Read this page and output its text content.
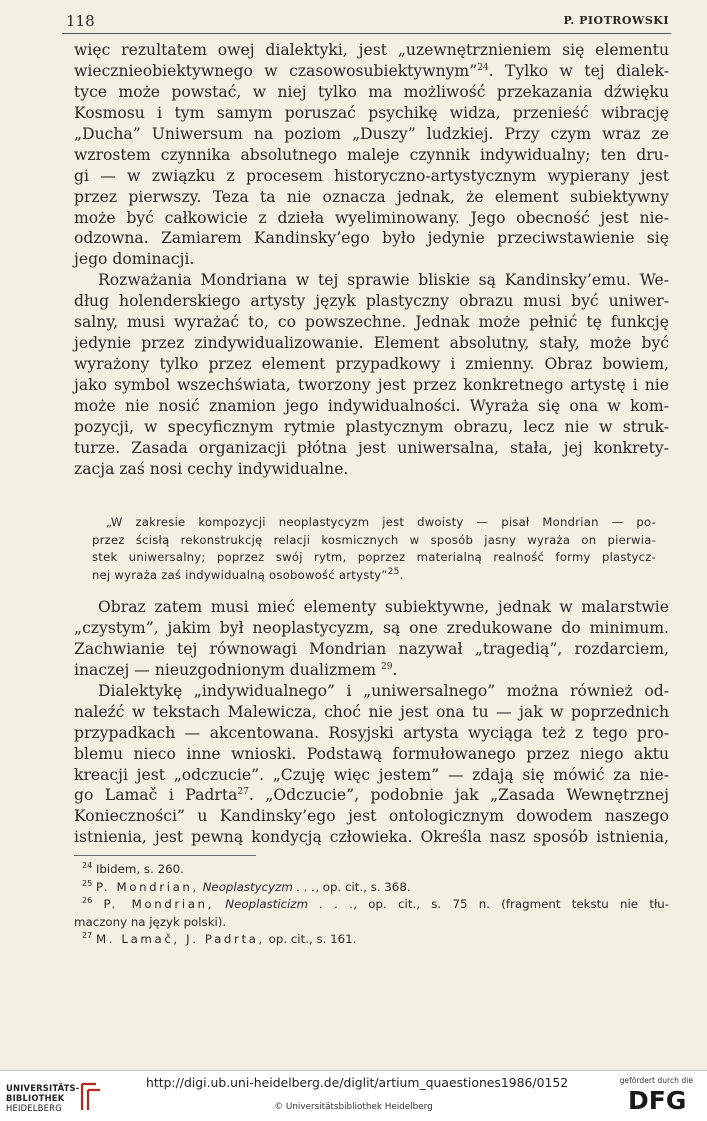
118	P. PIOTROWSKI
więc rezultatem owej dialektyki, jest „uzewnętrznieniem się elementu
wiecznieobiektywnego w czasowosubiektywnym”$^{24}$. Tylko w tej dialek-
tyce może powstać, w niej tylko ma możliwość przekazania dźwięku
Kosmosu i tym samym poruszać psychikę widza, przenieść wibrację
„Ducha” Uniwersum na poziom „Duszy” ludzkiej. Przy czym wraz ze
wzrostem czynnika absolutnego maleje czynnik indywidualny; ten dru-
gi — w związku z procesem historyczno-artystycznym wypierany jest
przez pierwszy. Teza ta nie oznacza jednak, że element subiektywny
może być całkowicie z dzieła wyeliminowany. Jego obecność jest nie-
odzowna. Zamiarem Kandinsky’ego było jedynie przeciwstawienie się
jego dominacji.
Rozważania Mondriana w tej sprawie bliskie są Kandinsky’emu. We-
dług holenderskiego artysty język plastyczny obrazu musi być uniwer-
salny, musi wyrażać to, co powszechne. Jednak może pełnić tę funkcję
jedynie przez zindywidualizowanie. Element absolutny, stały, może być
wyrażony tylko przez element przypadkowy i zmienny. Obraz bowiem,
jako symbol wszechświata, tworzony jest przez konkretnego artystę i nie
może nie nosić znamion jego indywidualności. Wyraża się ona w kom-
pozycji, w specyficznym rytmie plastycznym obrazu, lecz nie w struk-
turze. Zasada organizacji płótna jest uniwersalna, stała, jej konkrety-
zacja zaś nosi cechy indywidualne.
„W zakresie kompozycji neoplastycyzm jest dwoisty — pisał Mondrian — po-
przez ścisłą rekonstrukcję relacji kosmicznych w sposób jasny wyraża on pierwia-
stek uniwersalny; poprzez swój rytm, poprzez materialną realność formy plastycz-
nej wyraża zaś indywidualną osobowość artysty”$^{25}$.
Obraz zatem musi mieć elementy subiektywne, jednak w malarstwie
„czystym”, jakim był neoplastycyzm, są one zredukowane do minimum.
Zachwianie tej równowagi Mondrian nazywał „tragedią”, rozdarciem,
inaczej — nieuzgodnionym dualizmem $^{29}$.
Dialektykę „indywidualnego” i „uniwersalnego” można również od-
naleźć w tekstach Malewicza, choć nie jest ona tu — jak w poprzednich
przypadkach — akcentowana. Rosyjski artysta wyciąga też z tego pro-
blemu nieco inne wnioski. Podstawą formułowanego przez niego aktu
kreacji jest „odczucie”. „Czuję więc jestem” — zdają się mówić za nie-
go Lamač i Padrta$^{27}$. „Odczucie”, podobnie jak „Zasada Wewnętrznej
Konieczności” u Kandinsky’ego jest ontologicznym dowodem naszego
istnienia, jest pewną kondycją człowieka. Określa nasz sposób istnienia,
$^{24}$ Ibidem, s. 260.
$^{25}$ P. Mondrian, Neoplastycyzm . . ., op. cit., s. 368.
$^{26}$ P. Mondrian, Neoplasticizm . . ., op. cit., s. 75 n. (fragment tekstu nie tłu-
maczony na język polski).
$^{27}$ M. Lamač, J. Padrta, op. cit., s. 161.
UNIVERSITÄTS-
BIBLIOTHEK
HEIDELBERG
http://digi.ub.uni-heidelberg.de/diglit/artium_quaestiones1986/0152
© Universitätsbibliothek Heidelberg
gefördert durch die
DFG
